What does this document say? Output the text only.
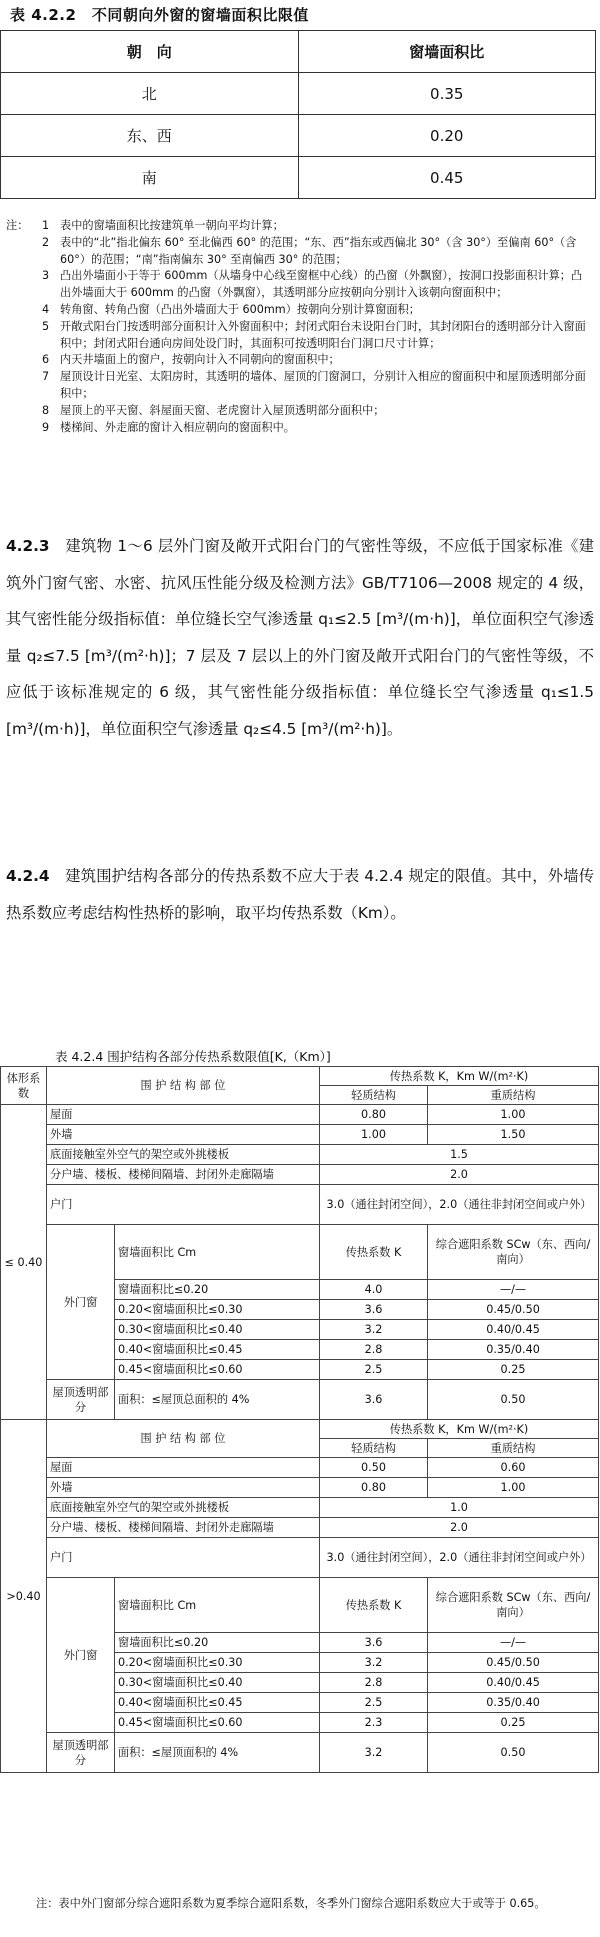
表 4.2.2　不同朝向外窗的窗墙面积比限值
朝　向	窗墙面积比
北	0.35
东、西	0.20
南	0.45
注：	1 表中的窗墙面积比按建筑单一朝向平均计算；
2 表中的“北”指北偏东 60° 至北偏西 60° 的范围；“东、西”指东或西偏北 30°（含 30°）至偏南 60°（含 60°）的范围；“南”指南偏东 30° 至南偏西 30° 的范围；
3 凸出外墙面小于等于 600mm（从墙身中心线至窗框中心线）的凸窗（外飘窗），按洞口投影面积计算；凸出外墙面大于 600mm 的凸窗（外飘窗），其透明部分应按朝向分别计入该朝向窗面积中；
4 转角窗、转角凸窗（凸出外墙面大于 600mm）按朝向分别计算窗面积；
5 开敞式阳台门按透明部分面积计入外窗面积中；封闭式阳台未设阳台门时，其封闭阳台的透明部分计入窗面积中；封闭式阳台通向房间处设门时，其面积可按透明阳台门洞口尺寸计算；
6 内天井墙面上的窗户，按朝向计入不同朝向的窗面积中；
7 屋顶设计日光室、太阳房时，其透明的墙体、屋顶的门窗洞口，分别计入相应的窗面积中和屋顶透明部分面积中；
8 屋顶上的平天窗、斜屋面天窗、老虎窗计入屋顶透明部分面积中；
9 楼梯间、外走廊的窗计入相应朝向的窗面积中。
4.2.3　建筑物 1～6 层外门窗及敞开式阳台门的气密性等级，不应低于国家标准《建筑外门窗气密、水密、抗风压性能分级及检测方法》GB/T7106—2008 规定的 4 级，其气密性能分级指标值：单位缝长空气渗透量 q₁≤2.5 [m³/(m·h)]，单位面积空气渗透量 q₂≤7.5 [m³/(m²·h)]；7 层及 7 层以上的外门窗及敞开式阳台门的气密性等级，不应低于该标准规定的 6 级，其气密性能分级指标值：单位缝长空气渗透量 q₁≤1.5 [m³/(m·h)]，单位面积空气渗透量 q₂≤4.5 [m³/(m²·h)]。
4.2.4　建筑围护结构各部分的传热系数不应大于表 4.2.4 规定的限值。其中，外墙传热系数应考虑结构性热桥的影响，取平均传热系数（Km）。
表 4.2.4 围护结构各部分传热系数限值[K,（Km）]
体形系数	围 护 结 构 部 位		传热系数 K，Km W/(m²·K)	
			轻质结构	重质结构
≤ 0.40	屋面		0.80	1.00
	外墙		1.00	1.50
	底面接触室外空气的架空或外挑楼板		1.5	
	分户墙、楼板、楼梯间隔墙、封闭外走廊隔墙		2.0	
	户门		3.0（通往封闭空间），2.0（通往非封闭空间或户外）	
	外门窗	窗墙面积比 Cm	传热系数 K	综合遮阳系数 SCw（东、西向/南向）
		窗墙面积比≤0.20	4.0	—/—
		0.20<窗墙面积比≤0.30	3.6	0.45/0.50
		0.30<窗墙面积比≤0.40	3.2	0.40/0.45
		0.40<窗墙面积比≤0.45	2.8	0.35/0.40
		0.45<窗墙面积比≤0.60	2.5	0.25
	屋顶透明部分	面积：≤屋顶总面积的 4%	3.6	0.50
>0.40	围 护 结 构 部 位		传热系数 K，Km W/(m²·K)	
			轻质结构	重质结构
	屋面		0.50	0.60
	外墙		0.80	1.00
	底面接触室外空气的架空或外挑楼板		1.0	
	分户墙、楼板、楼梯间隔墙、封闭外走廊隔墙		2.0	
	户门		3.0（通往封闭空间），2.0（通往非封闭空间或户外）	
	外门窗	窗墙面积比 Cm	传热系数 K	综合遮阳系数 SCw（东、西向/南向）
		窗墙面积比≤0.20	3.6	—/—
		0.20<窗墙面积比≤0.30	3.2	0.45/0.50
		0.30<窗墙面积比≤0.40	2.8	0.40/0.45
		0.40<窗墙面积比≤0.45	2.5	0.35/0.40
		0.45<窗墙面积比≤0.60	2.3	0.25
	屋顶透明部分	面积：≤屋顶面积的 4%	3.2	0.50
注：表中外门窗部分综合遮阳系数为夏季综合遮阳系数，冬季外门窗综合遮阳系数应大于或等于 0.65。
